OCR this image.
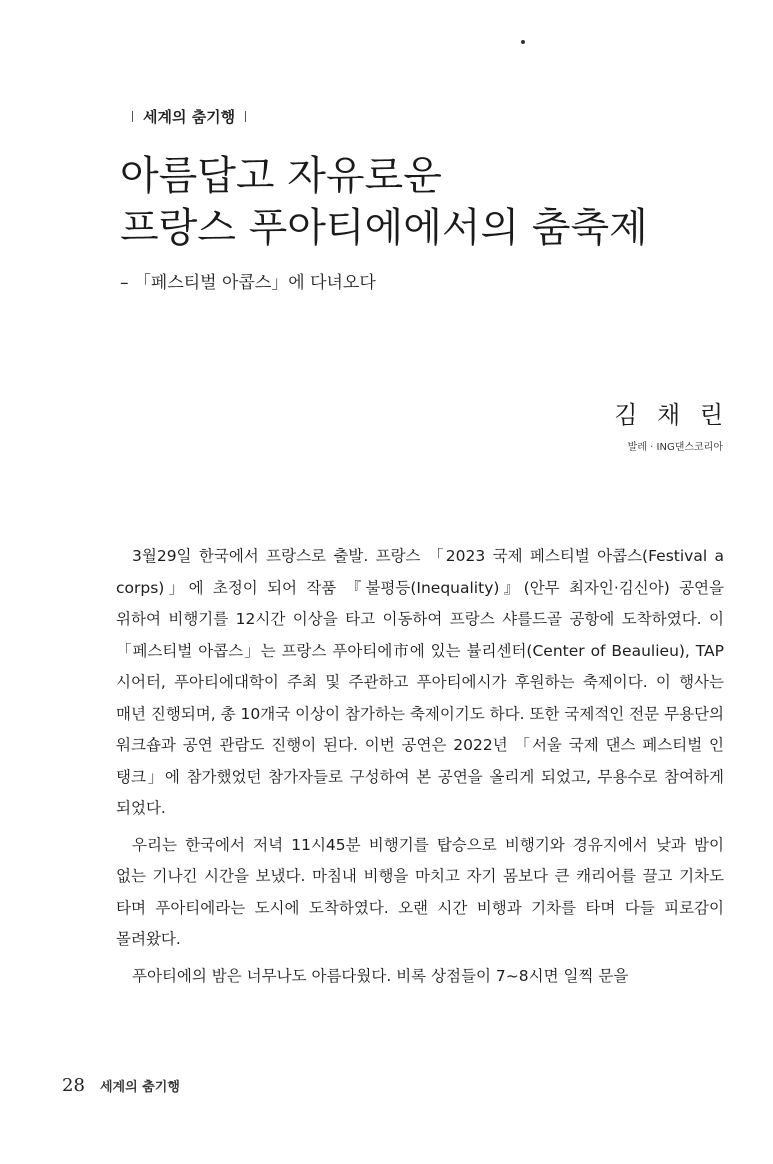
세계의 춤기행
아름답고 자유로운
프랑스 푸아티에에서의 춤축제
– 「페스티벌 아콥스」에 다녀오다
김 채 린
발레 · ING댄스코리아

3월29일 한국에서 프랑스로 출발. 프랑스 「2023 국제 페스티벌 아콥스(Festival a corps)」에 초정이 되어 작품 『불평등(Inequality)』(안무 최자인·김신아) 공연을 위하여 비행기를 12시간 이상을 타고 이동하여 프랑스 샤를드골 공항에 도착하였다. 이 「페스티벌 아콥스」는 프랑스 푸아티에市에 있는 뷸리센터(Center of Beaulieu), TAP 시어터, 푸아티에대학이 주최 및 주관하고 푸아티에시가 후원하는 축제이다. 이 행사는 매년 진행되며, 총 10개국 이상이 참가하는 축제이기도 하다. 또한 국제적인 전문 무용단의 워크숍과 공연 관람도 진행이 된다. 이번 공연은 2022년 「서울 국제 댄스 페스티벌 인 탱크」에 참가했었던 참가자들로 구성하여 본 공연을 올리게 되었고, 무용수로 참여하게 되었다.

우리는 한국에서 저녁 11시45분 비행기를 탑승으로 비행기와 경유지에서 낮과 밤이 없는 기나긴 시간을 보냈다. 마침내 비행을 마치고 자기 몸보다 큰 캐리어를 끌고 기차도 타며 푸아티에라는 도시에 도착하였다. 오랜 시간 비행과 기차를 타며 다들 피로감이 몰려왔다.

푸아티에의 밤은 너무나도 아름다웠다. 비록 상점들이 7~8시면 일찍 문을

28 세계의 춤기행
